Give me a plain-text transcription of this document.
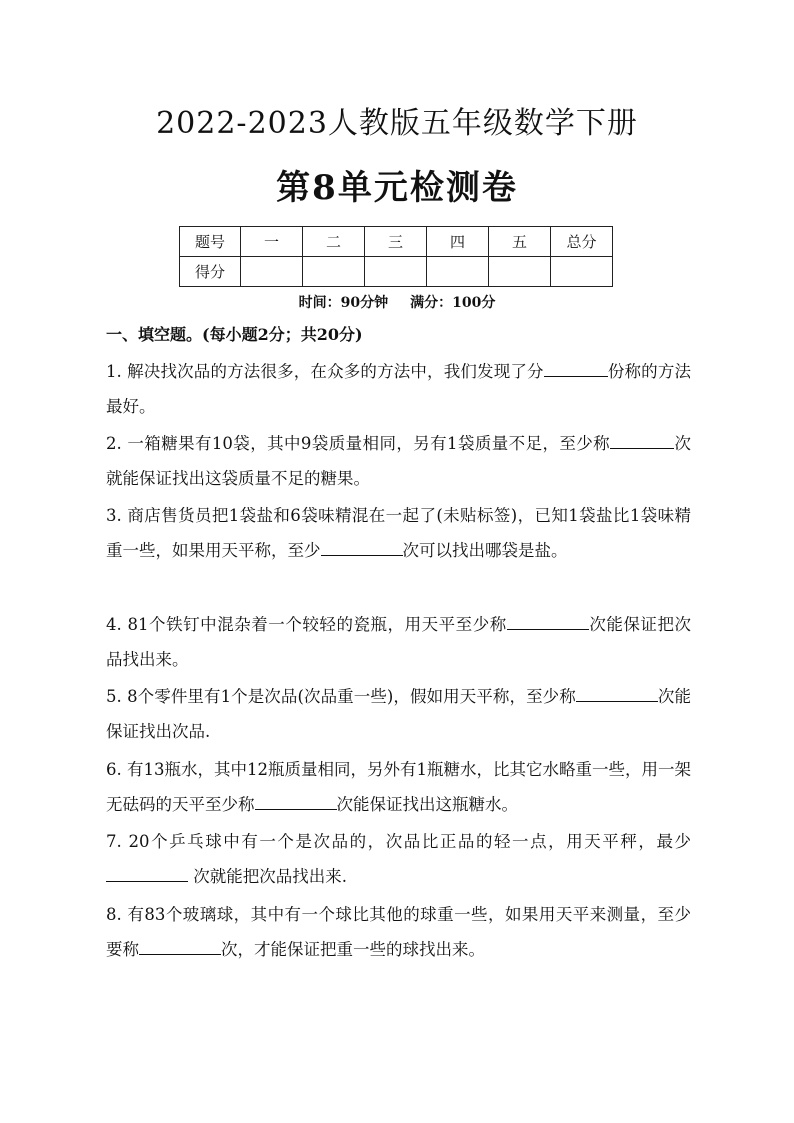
2022-2023人教版五年级数学下册
第8单元检测卷
题号	一	二	三	四	五	总分
得分						
时间：90分钟 满分：100分
一、填空题。(每小题2分；共20分)
1. 解决找次品的方法很多，在众多的方法中，我们发现了分	份称的方法最好。
2. 一箱糖果有10袋，其中9袋质量相同，另有1袋质量不足，至少称	次就能保证找出这袋质量不足的糖果。
3. 商店售货员把1袋盐和6袋味精混在一起了(未贴标签)，已知1袋盐比1袋味精重一些，如果用天平称，至少	次可以找出哪袋是盐。
4. 81个铁钉中混杂着一个较轻的瓷瓶，用天平至少称	次能保证把次品找出来。
5. 8个零件里有1个是次品(次品重一些)，假如用天平称，至少称	次能保证找出次品.
6. 有13瓶水，其中12瓶质量相同，另外有1瓶糖水，比其它水略重一些，用一架无砝码的天平至少称	次能保证找出这瓶糖水。
7. 20个乒乓球中有一个是次品的，次品比正品的轻一点，用天平秤，最少 次就能把次品找出来.
8. 有83个玻璃球，其中有一个球比其他的球重一些，如果用天平来测量，至少要称	次，才能保证把重一些的球找出来。
